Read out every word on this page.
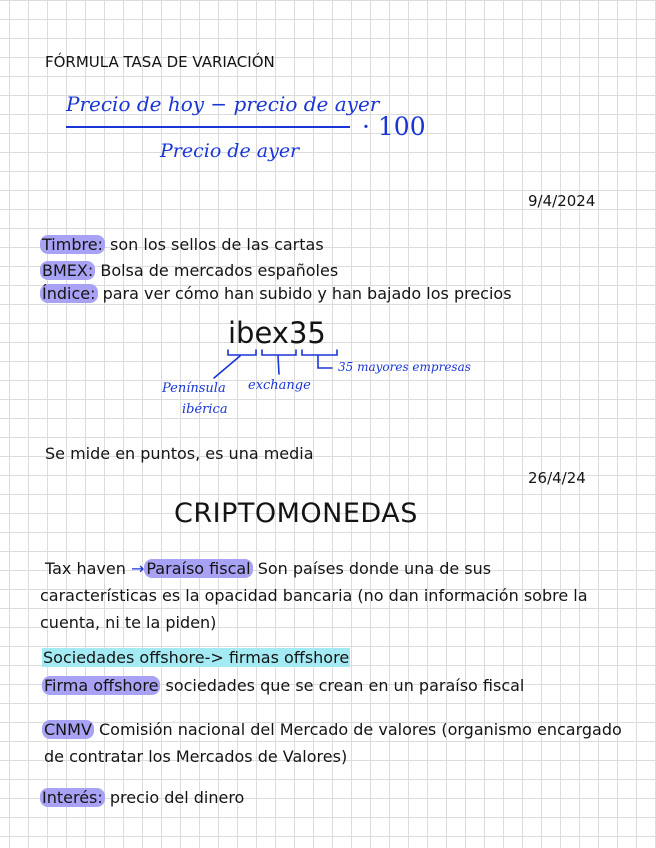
FÓRMULA TASA DE VARIACIÓN
Precio de hoy − precio de ayer
Precio de ayer
· 100
9/4/2024
Timbre: son los sellos de las cartas
BMEX: Bolsa de mercados españoles
Índice: para ver cómo han subido y han bajado los precios
ibex35
Península
ibérica
exchange
35 mayores empresas
Se mide en puntos, es una media
26/4/24
CRIPTOMONEDAS
Tax haven → Paraíso fiscal Son países donde una de sus
características es la opacidad bancaria (no dan información sobre la
cuenta, ni te la piden)
Sociedades offshore-> firmas offshore
Firma offshore sociedades que se crean en un paraíso fiscal
CNMV Comisión nacional del Mercado de valores (organismo encargado
de contratar los Mercados de Valores)
Interés: precio del dinero
